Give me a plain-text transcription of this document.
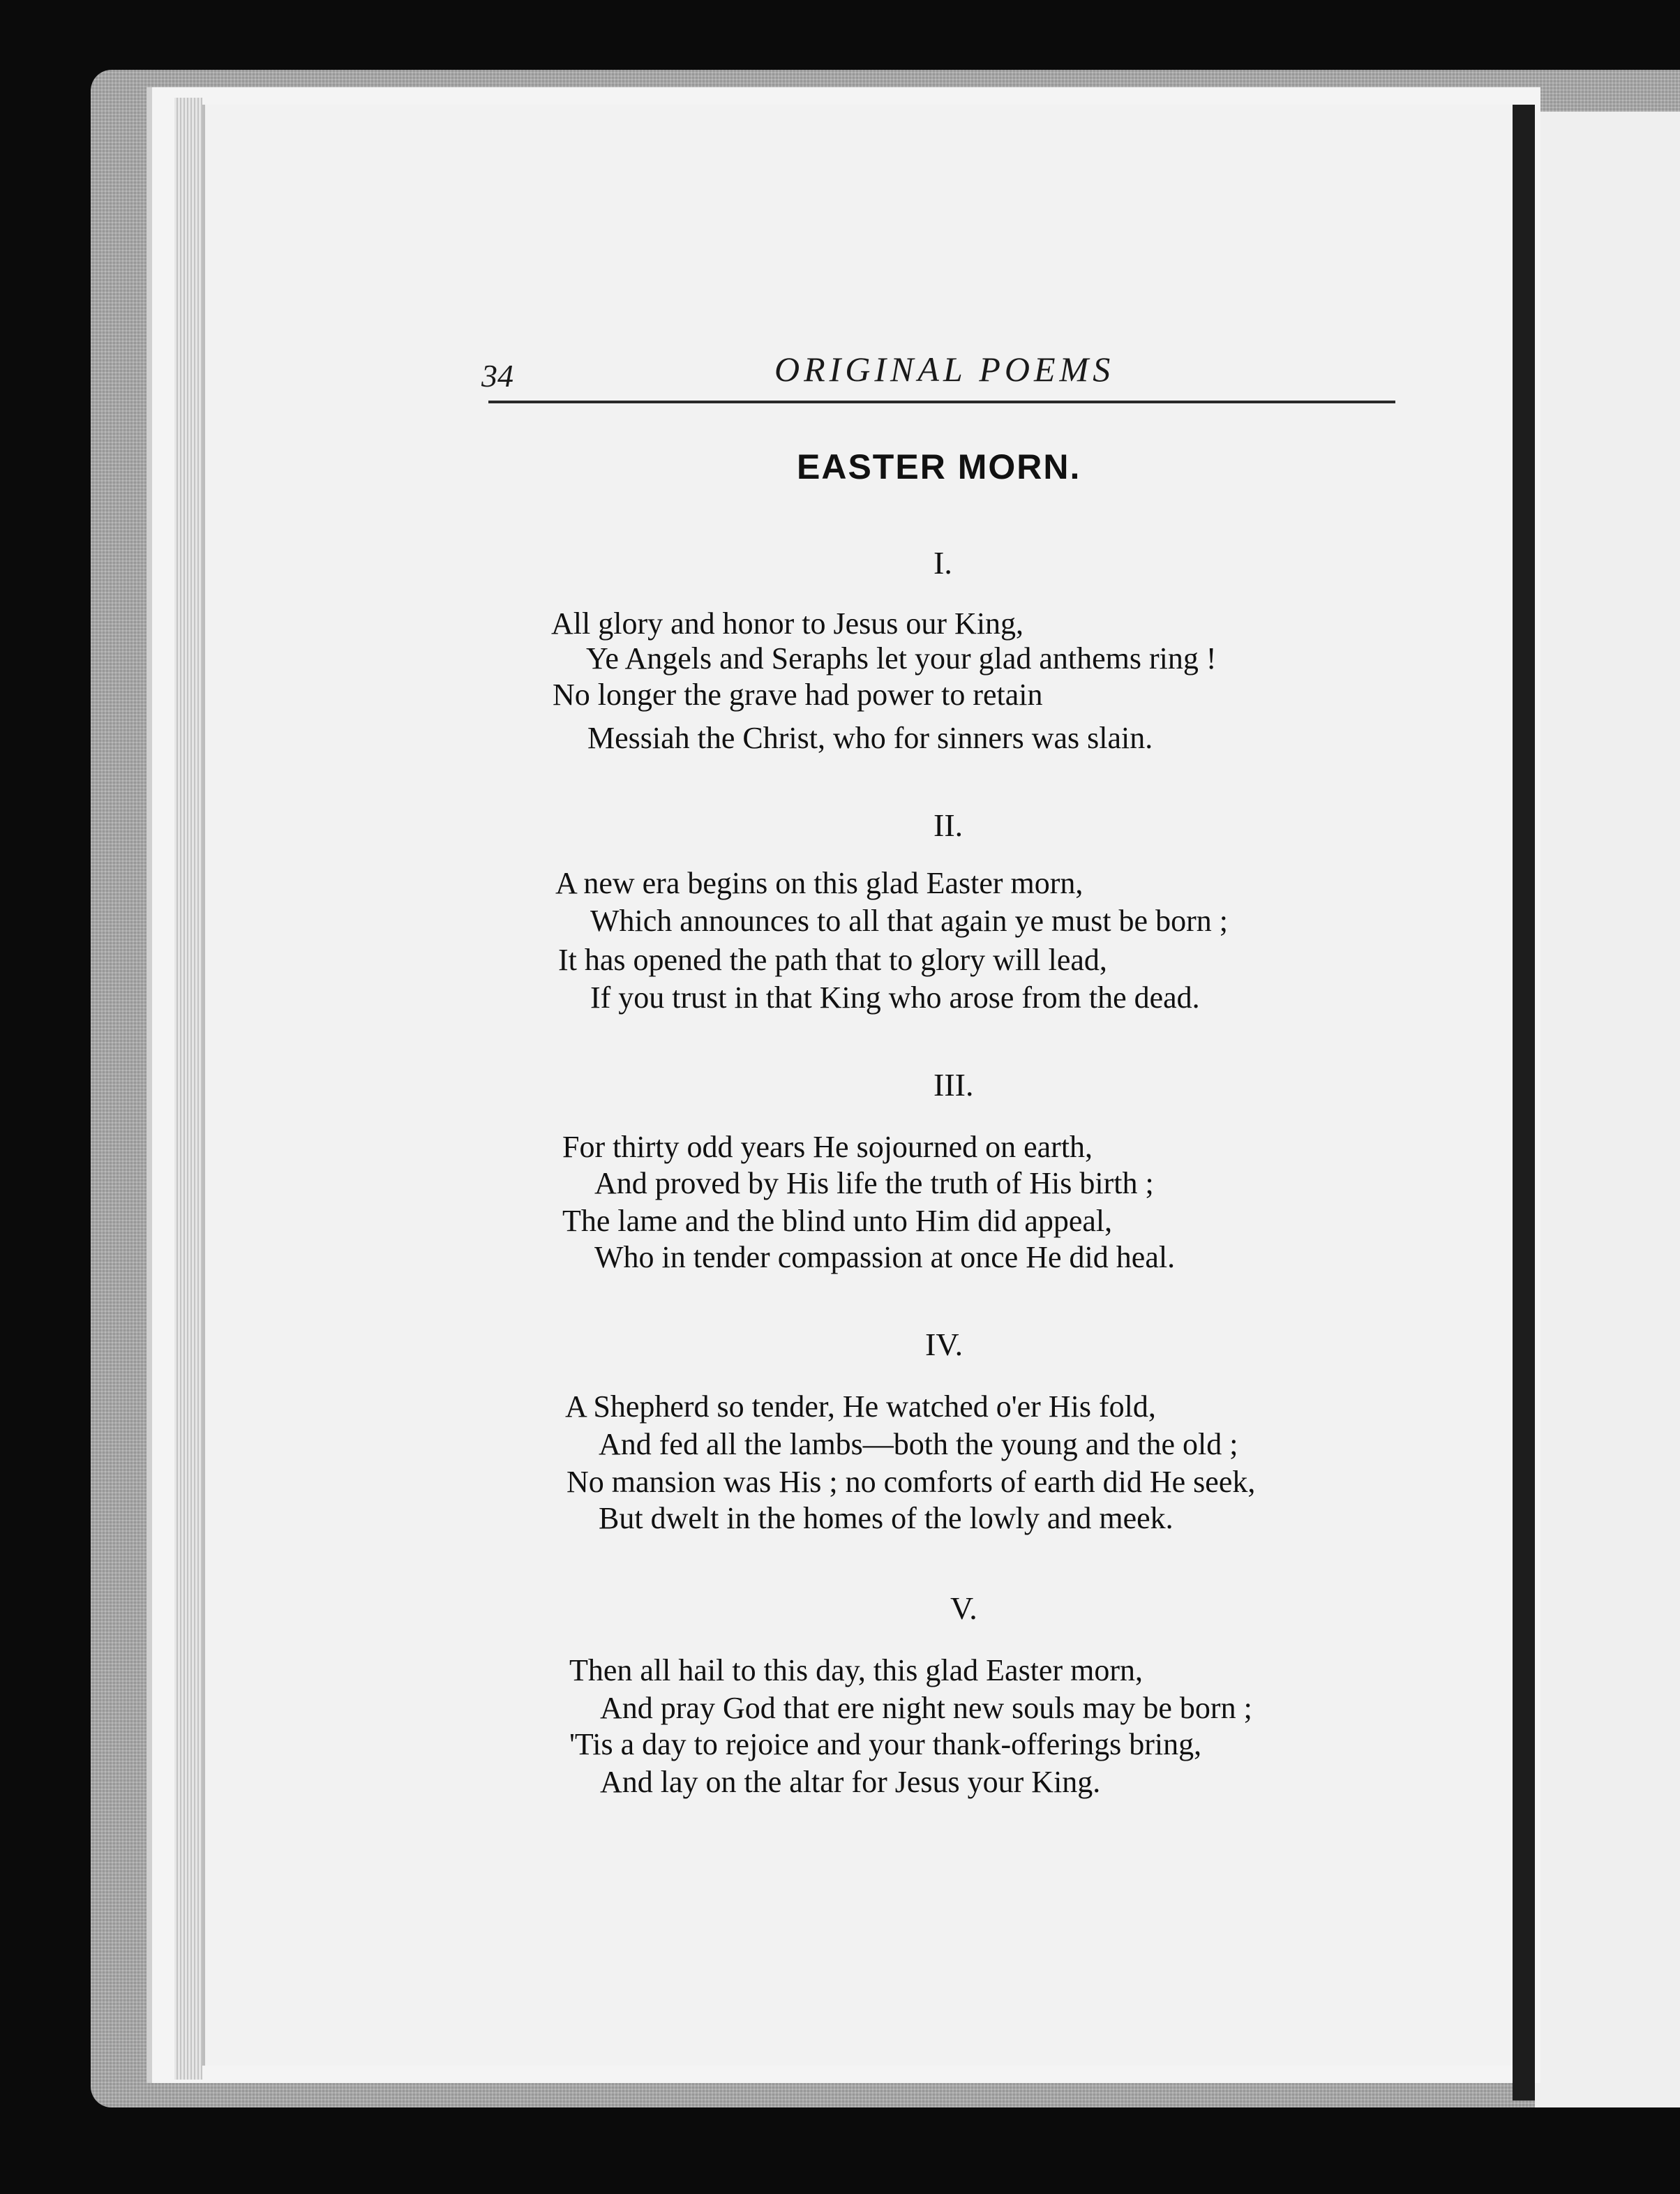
34	ORIGINAL POEMS
EASTER MORN.
I.
All glory and honor to Jesus our King,
Ye Angels and Seraphs let your glad anthems ring !
No longer the grave had power to retain
Messiah the Christ, who for sinners was slain.
II.
A new era begins on this glad Easter morn,
Which announces to all that again ye must be born ;
It has opened the path that to glory will lead,
If you trust in that King who arose from the dead.
III.
For thirty odd years He sojourned on earth,
And proved by His life the truth of His birth ;
The lame and the blind unto Him did appeal,
Who in tender compassion at once He did heal.
IV.
A Shepherd so tender, He watched o'er His fold,
And fed all the lambs—both the young and the old ;
No mansion was His ; no comforts of earth did He seek,
But dwelt in the homes of the lowly and meek.
V.
Then all hail to this day, this glad Easter morn,
And pray God that ere night new souls may be born ;
'Tis a day to rejoice and your thank-offerings bring,
And lay on the altar for Jesus your King.
